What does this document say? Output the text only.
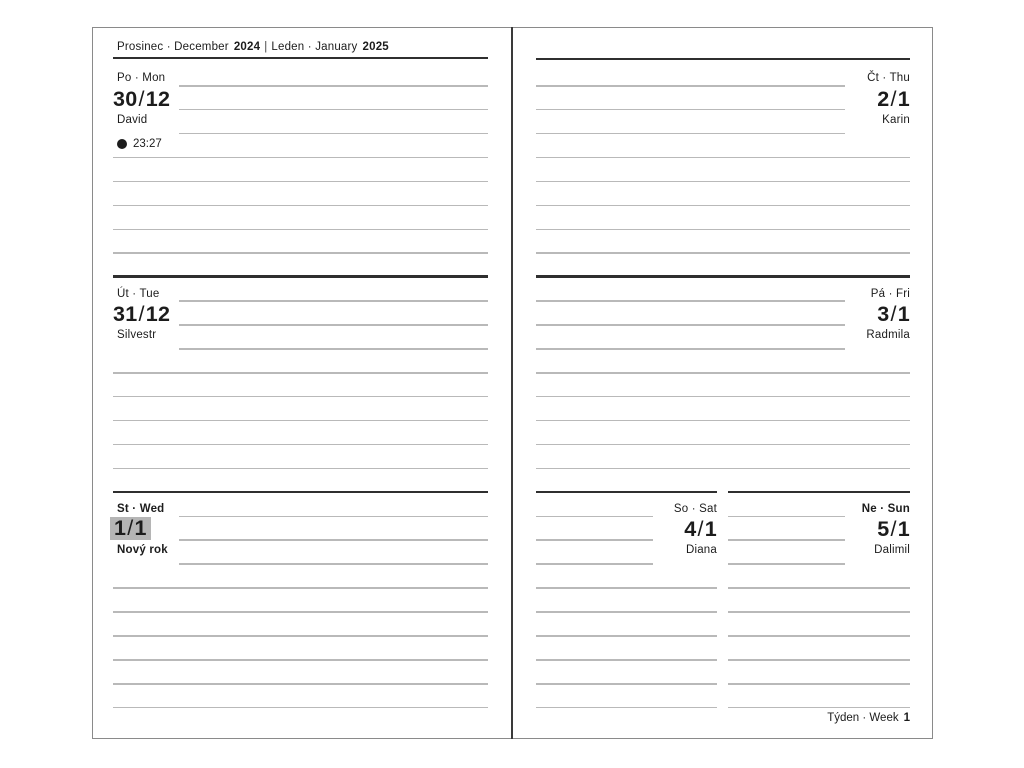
Prosinec · December 2024 | Leden · January 2025
Po · Mon
30/12
David
23:27
Út · Tue
31/12
Silvestr
St · Wed
1/1
Nový rok
Čt · Thu
2/1
Karin
Pá · Fri
3/1
Radmila
So · Sat
4/1
Diana
Ne · Sun
5/1
Dalimil
Týden · Week 1
